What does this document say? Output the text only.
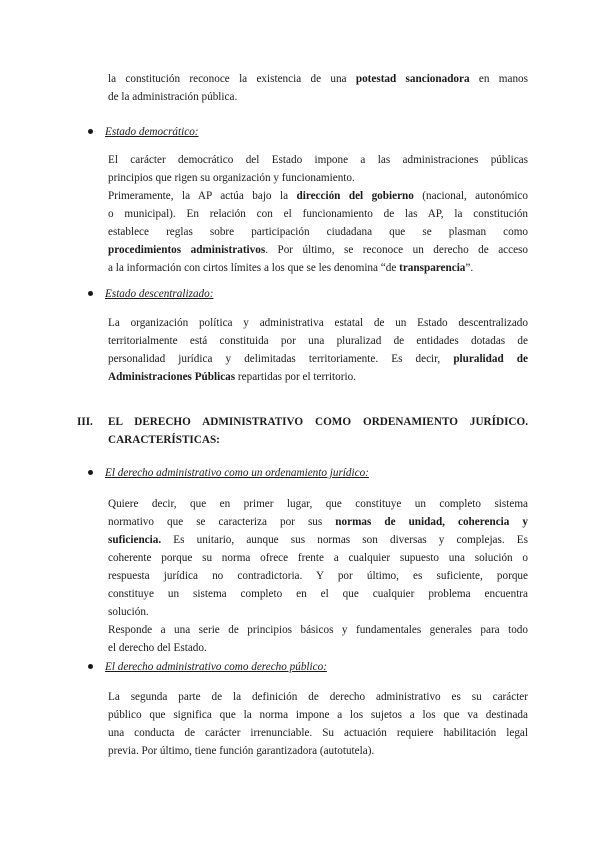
la constitución reconoce la existencia de una potestad sancionadora en manos
de la administración pública.
Estado democrático:
El carácter democrático del Estado impone a las administraciones públicas
principios que rigen su organización y funcionamiento.
Primeramente, la AP actúa bajo la dirección del gobierno (nacional, autonómico
o municipal). En relación con el funcionamiento de las AP, la constitución
establece reglas sobre participación ciudadana que se plasman como
procedimientos administrativos. Por último, se reconoce un derecho de acceso
a la información con cirtos límites a los que se les denomina “de transparencia”.
Estado descentralizado:
La organización política y administrativa estatal de un Estado descentralizado
territorialmente está constituida por una pluralizad de entidades dotadas de
personalidad jurídica y delimitadas territoriamente. Es decir, pluralidad de
Administraciones Públicas repartidas por el territorio.
III. EL DERECHO ADMINISTRATIVO COMO ORDENAMIENTO JURÍDICO.
CARACTERÍSTICAS:
El derecho administrativo como un ordenamiento jurídico:
Quiere decir, que en primer lugar, que constituye un completo sistema
normativo que se caracteriza por sus normas de unidad, coherencia y
suficiencia. Es unitario, aunque sus normas son diversas y complejas. Es
coherente porque su norma ofrece frente a cualquier supuesto una solución o
respuesta jurídica no contradictoria. Y por último, es suficiente, porque
constituye un sistema completo en el que cualquier problema encuentra
solución.
Responde a una serie de principios básicos y fundamentales generales para todo
el derecho del Estado.
El derecho administrativo como derecho público:
La segunda parte de la definición de derecho administrativo es su carácter
público que significa que la norma impone a los sujetos a los que va destinada
una conducta de carácter irrenunciable. Su actuación requiere habilitación legal
previa. Por último, tiene función garantizadora (autotutela).
